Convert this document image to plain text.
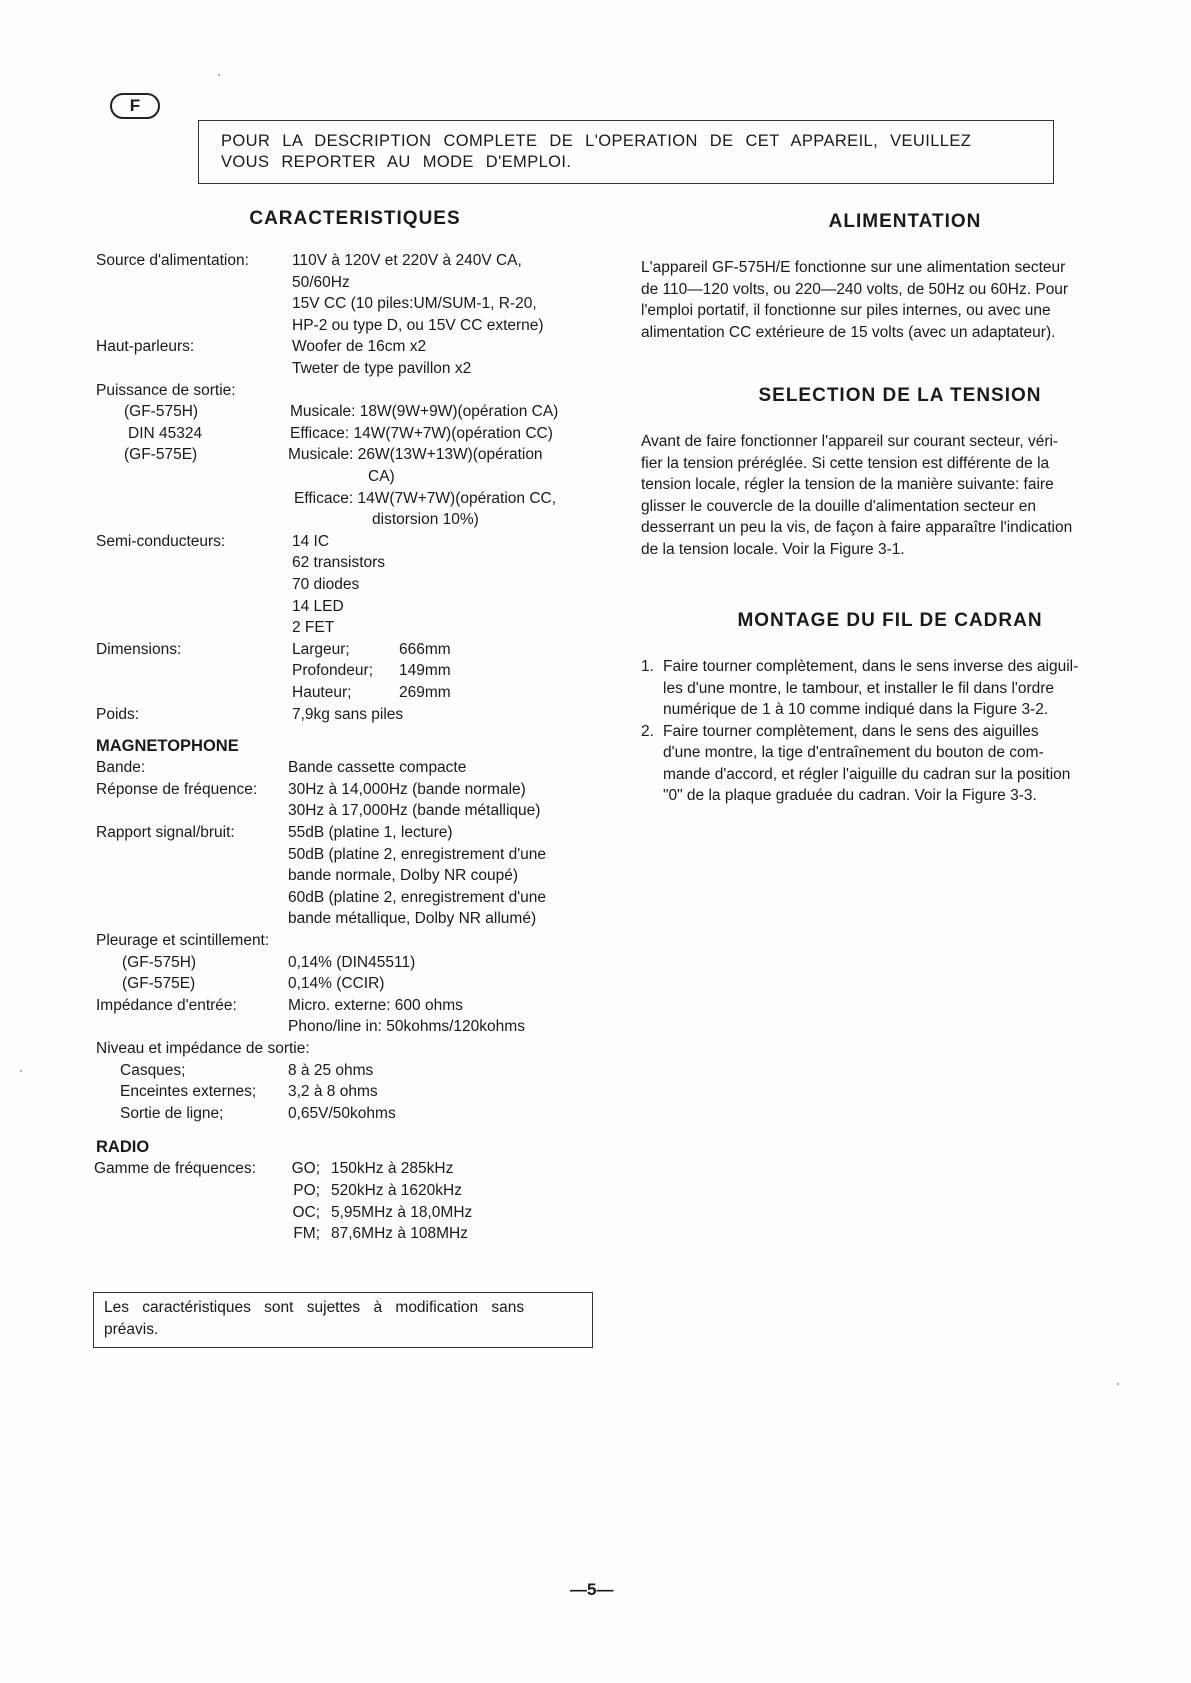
F
POUR LA DESCRIPTION COMPLETE DE L'OPERATION DE CET APPAREIL, VEUILLEZ
VOUS REPORTER AU MODE D'EMPLOI.
CARACTERISTIQUES
Source d'alimentation:	110V à 120V et 220V à 240V CA,
50/60Hz
15V CC (10 piles:UM/SUM-1, R-20,
HP-2 ou type D, ou 15V CC externe)
Haut-parleurs:	Woofer de 16cm x2
Tweter de type pavillon x2
Puissance de sortie:
(GF-575H)	Musicale: 18W(9W+9W)(opération CA)
DIN 45324	Efficace: 14W(7W+7W)(opération CC)
(GF-575E)	Musicale: 26W(13W+13W)(opération
CA)
Efficace: 14W(7W+7W)(opération CC,
distorsion 10%)
Semi-conducteurs:	14 IC
62 transistors
70 diodes
14 LED
2 FET
Dimensions:	Largeur;	666mm
Profondeur; 149mm
Hauteur;	269mm
Poids:	7,9kg sans piles
MAGNETOPHONE
Bande:	Bande cassette compacte
Réponse de fréquence: 30Hz à 14,000Hz (bande normale)
30Hz à 17,000Hz (bande métallique)
Rapport signal/bruit:	55dB (platine 1, lecture)
50dB (platine 2, enregistrement d'une
bande normale, Dolby NR coupé)
60dB (platine 2, enregistrement d'une
bande métallique, Dolby NR allumé)
Pleurage et scintillement:
(GF-575H)	0,14% (DIN45511)
(GF-575E)	0,14% (CCIR)
Impédance d'entrée:	Micro. externe: 600 ohms
Phono/line in: 50kohms/120kohms
Niveau et impédance de sortie:
Casques;	8 à 25 ohms
Enceintes externes; 3,2 à 8 ohms
Sortie de ligne;	0,65V/50kohms
RADIO
Gamme de fréquences:	GO; 150kHz à 285kHz
PO; 520kHz à 1620kHz
OC; 5,95MHz à 18,0MHz
FM; 87,6MHz à 108MHz
Les caractéristiques sont sujettes à modification sans
préavis.
ALIMENTATION
L'appareil GF-575H/E fonctionne sur une alimentation secteur
de 110—120 volts, ou 220—240 volts, de 50Hz ou 60Hz. Pour
l'emploi portatif, il fonctionne sur piles internes, ou avec une
alimentation CC extérieure de 15 volts (avec un adaptateur).
SELECTION DE LA TENSION
Avant de faire fonctionner l'appareil sur courant secteur, véri-
fier la tension préréglée. Si cette tension est différente de la
tension locale, régler la tension de la manière suivante: faire
glisser le couvercle de la douille d'alimentation secteur en
desserrant un peu la vis, de façon à faire apparaître l'indication
de la tension locale. Voir la Figure 3-1.
MONTAGE DU FIL DE CADRAN
1. Faire tourner complètement, dans le sens inverse des aiguil-
les d'une montre, le tambour, et installer le fil dans l'ordre
numérique de 1 à 10 comme indiqué dans la Figure 3-2.
2. Faire tourner complètement, dans le sens des aiguilles
d'une montre, la tige d'entraînement du bouton de com-
mande d'accord, et régler l'aiguille du cadran sur la position
"0" de la plaque graduée du cadran. Voir la Figure 3-3.
—5—
